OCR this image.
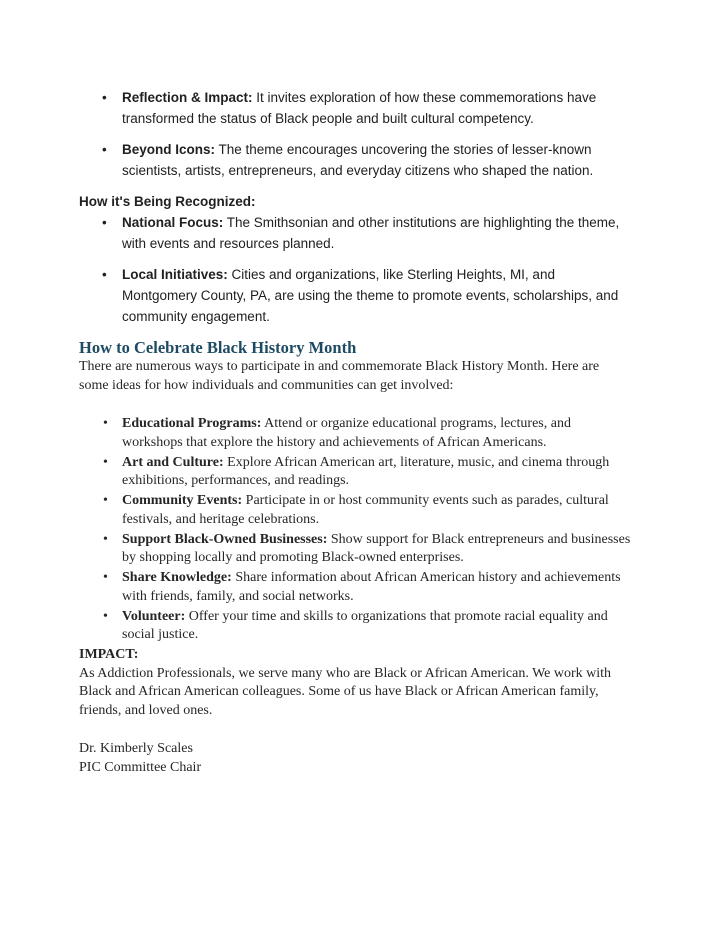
• Reflection & Impact: It invites exploration of how these commemorations have transformed the status of Black people and built cultural competency.
• Beyond Icons: The theme encourages uncovering the stories of lesser-known scientists, artists, entrepreneurs, and everyday citizens who shaped the nation.

How it's Being Recognized:

• National Focus: The Smithsonian and other institutions are highlighting the theme, with events and resources planned.
• Local Initiatives: Cities and organizations, like Sterling Heights, MI, and Montgomery County, PA, are using the theme to promote events, scholarships, and community engagement.
How to Celebrate Black History Month

There are numerous ways to participate in and commemorate Black History Month. Here are some ideas for how individuals and communities can get involved:

• Educational Programs: Attend or organize educational programs, lectures, and workshops that explore the history and achievements of African Americans.
• Art and Culture: Explore African American art, literature, music, and cinema through exhibitions, performances, and readings.
• Community Events: Participate in or host community events such as parades, cultural festivals, and heritage celebrations.
• Support Black-Owned Businesses: Show support for Black entrepreneurs and businesses by shopping locally and promoting Black-owned enterprises.
• Share Knowledge: Share information about African American history and achievements with friends, family, and social networks.
• Volunteer: Offer your time and skills to organizations that promote racial equality and social justice.

IMPACT:

As Addiction Professionals, we serve many who are Black or African American. We work with Black and African American colleagues. Some of us have Black or African American family, friends, and loved ones.

Dr. Kimberly Scales
PIC Committee Chair
